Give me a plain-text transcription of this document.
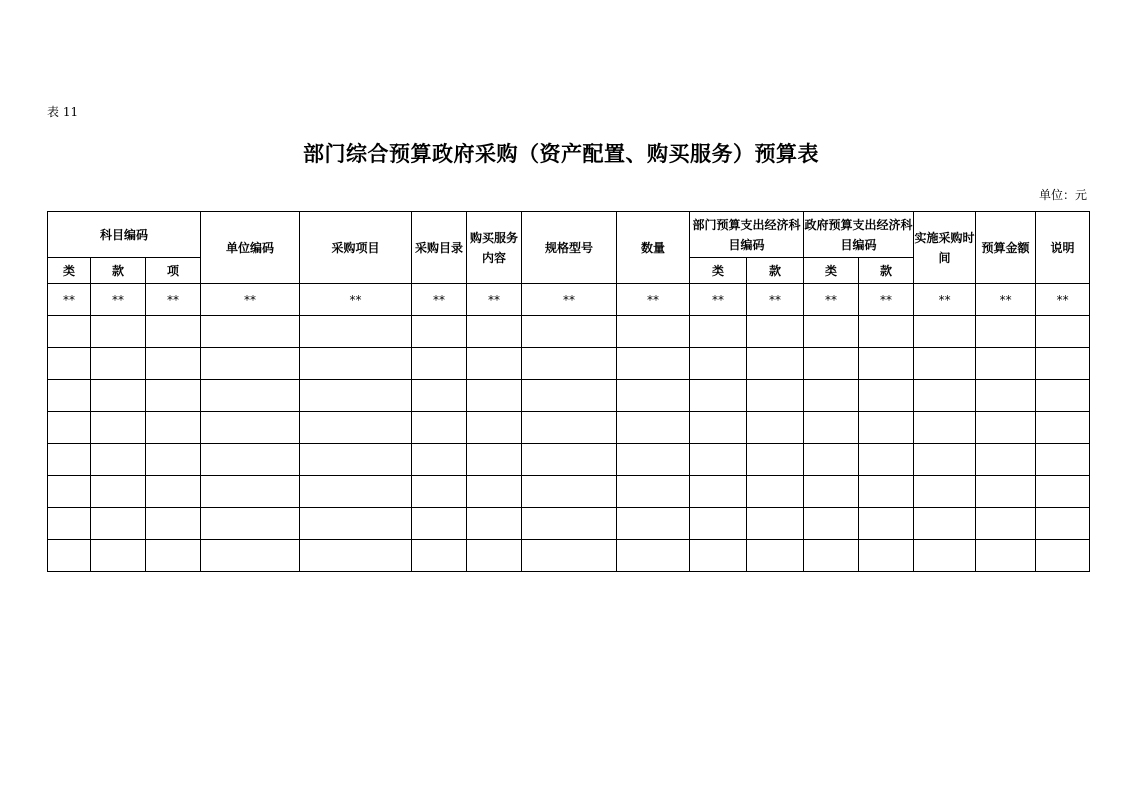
表 11
部门综合预算政府采购（资产配置、购买服务）预算表
单位：元
科目编码			单位编码	采购项目	采购目录	购买服务内容	规格型号	数量	部门预算支出经济科目编码		政府预算支出经济科目编码		实施采购时间	预算金额	说明
类	款	项							类	款	类	款			
**	**	**	**	**	**	**	**	**	**	**	**	**	**	**	**
